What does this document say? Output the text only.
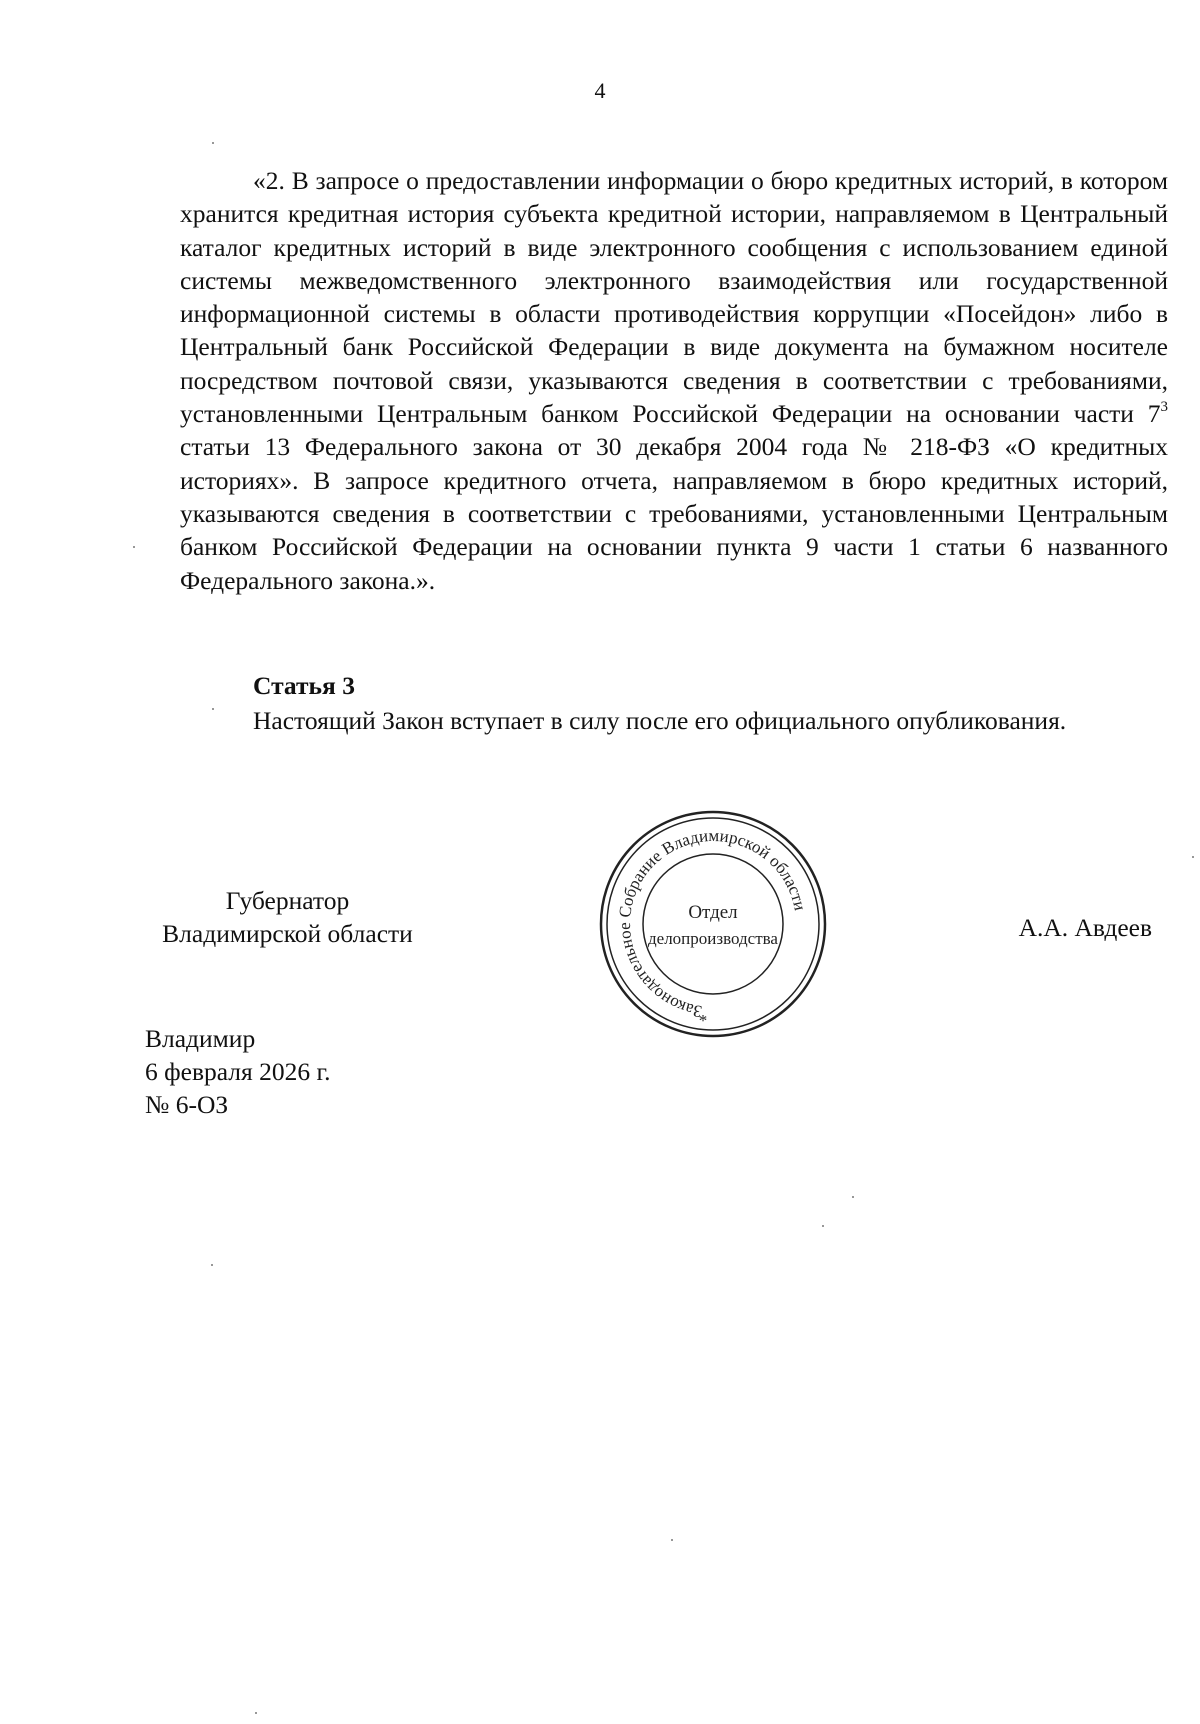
4

«2. В запросе о предоставлении информации о бюро кредитных историй, в котором хранится кредитная история субъекта кредитной истории, направляемом в Центральный каталог кредитных историй в виде электронного сообщения с использованием единой системы межведомственного электронного взаимодействия или государственной информационной системы в области противодействия коррупции «Посейдон» либо в Центральный банк Российской Федерации в виде документа на бумажном носителе посредством почтовой связи, указываются сведения в соответствии с требованиями, установленными Центральным банком Российской Федерации на основании части $7^3$ статьи 13 Федерального закона от 30 декабря 2004 года № 218-ФЗ «О кредитных историях». В запросе кредитного отчета, направляемом в бюро кредитных историй, указываются сведения в соответствии с требованиями, установленными Центральным банком Российской Федерации на основании пункта 9 части 1 статьи 6 названного Федерального закона.».

Статья 3

Настоящий Закон вступает в силу после его официального опубликования.

Губернатор
Владимирской области
Законодательное Собрание Владимирской области
Отдел
делопроизводства
*
А.А. Авдеев
Владимир
6 февраля 2026 г.
№ 6-ОЗ
